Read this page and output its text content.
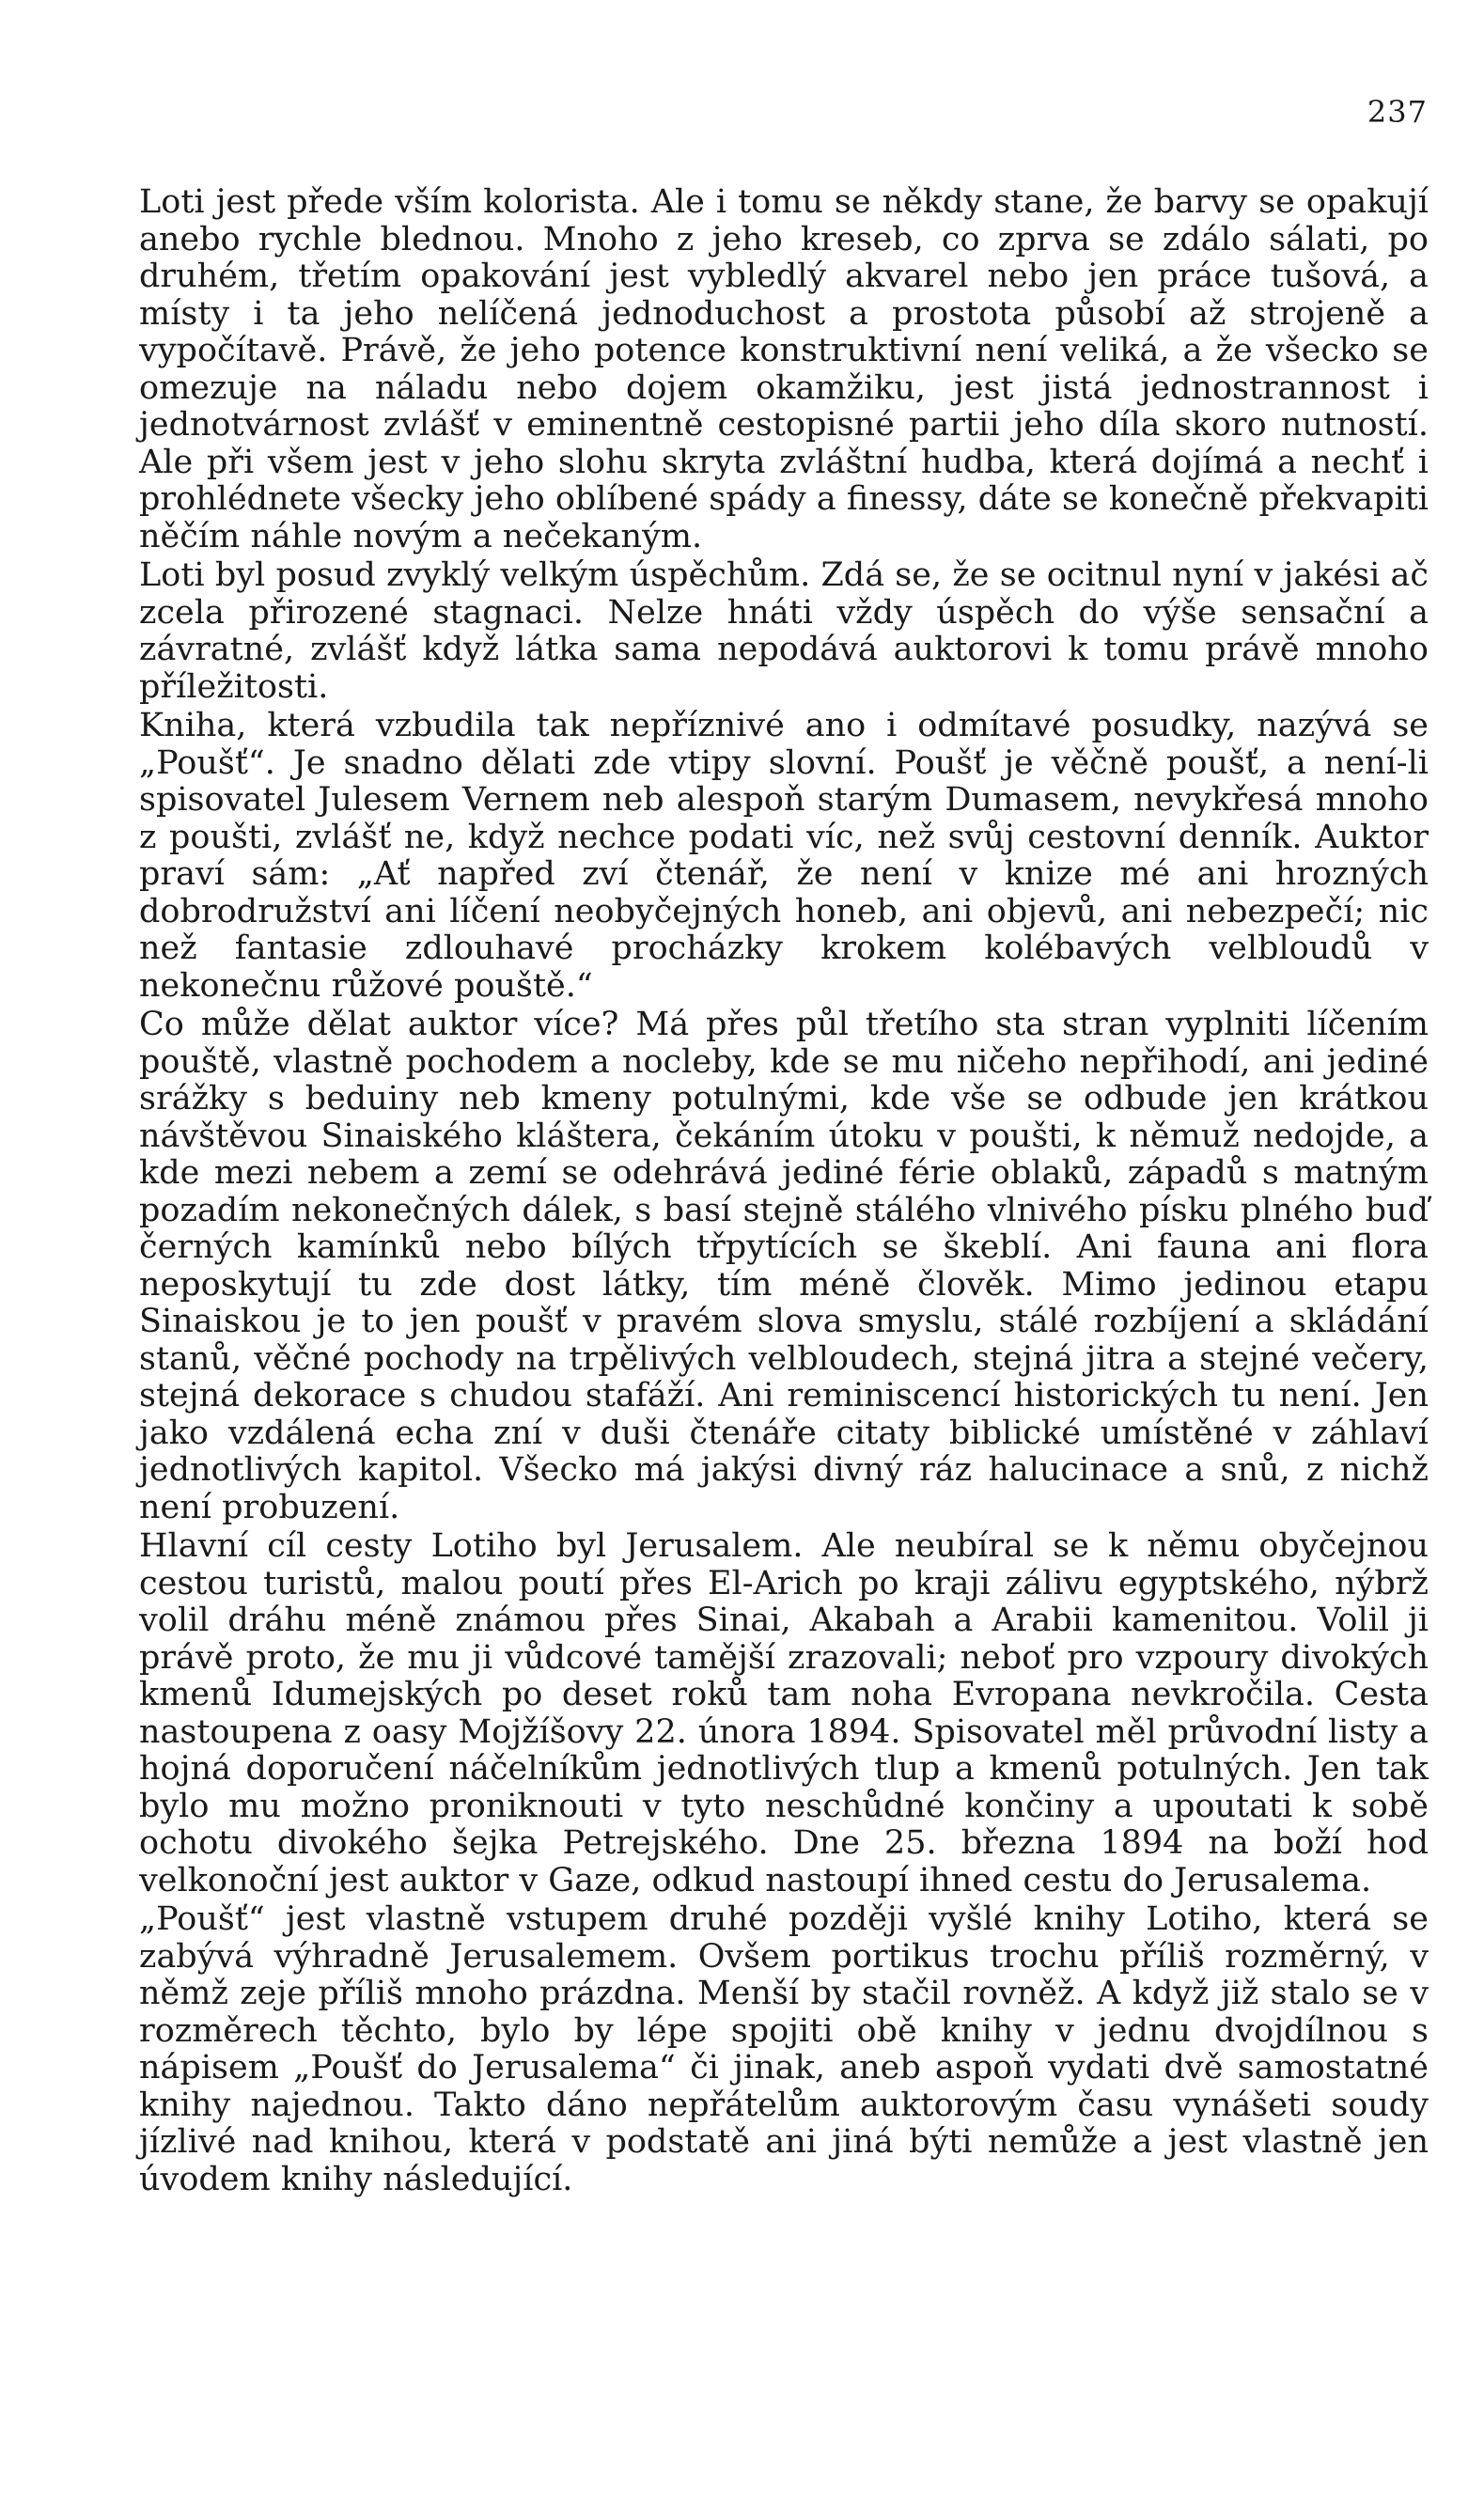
237

Loti jest přede vším kolorista. Ale i tomu se někdy stane, že barvy se opakují anebo rychle blednou. Mnoho z jeho kreseb, co zprva se zdálo sálati, po druhém, třetím opakování jest vybledlý akvarel nebo jen práce tušová, a místy i ta jeho nelíčená jednoduchost a prostota působí až strojeně a vypočítavě. Právě, že jeho potence konstruktivní není veliká, a že všecko se omezuje na náladu nebo dojem okamžiku, jest jistá jednostrannost i jednotvárnost zvlášť v eminentně cestopisné partii jeho díla skoro nutností. Ale při všem jest v jeho slohu skryta zvláštní hudba, která dojímá a nechť i prohlédnete všecky jeho oblíbené spády a finessy, dáte se konečně překvapiti něčím náhle novým a nečekaným.

Loti byl posud zvyklý velkým úspěchům. Zdá se, že se ocitnul nyní v jakési ač zcela přirozené stagnaci. Nelze hnáti vždy úspěch do výše sensační a závratné, zvlášť když látka sama nepodává auktorovi k tomu právě mnoho příležitosti.

Kniha, která vzbudila tak nepříznivé ano i odmítavé posudky, nazývá se „Poušť“. Je snadno dělati zde vtipy slovní. Poušť je věčně poušť, a není-li spisovatel Julesem Vernem neb alespoň starým Dumasem, nevykřesá mnoho z poušti, zvlášť ne, když nechce podati víc, než svůj cestovní denník. Auktor praví sám: „Ať napřed zví čtenář, že není v knize mé ani hrozných dobrodružství ani líčení neobyčejných honeb, ani objevů, ani nebezpečí; nic než fantasie zdlouhavé procházky krokem kolébavých velbloudů v nekonečnu růžové pouště.“

Co může dělat auktor více? Má přes půl třetího sta stran vyplniti líčením pouště, vlastně pochodem a nocleby, kde se mu ničeho nepřihodí, ani jediné srážky s beduiny neb kmeny potulnými, kde vše se odbude jen krátkou návštěvou Sinaiského kláštera, čekáním útoku v poušti, k němuž nedojde, a kde mezi nebem a zemí se odehrává jediné férie oblaků, západů s matným pozadím nekonečných dálek, s basí stejně stálého vlnivého písku plného buď černých kamínků nebo bílých třpytících se škeblí. Ani fauna ani flora neposkytují tu zde dost látky, tím méně člověk. Mimo jedinou etapu Sinaiskou je to jen poušť v pravém slova smyslu, stálé rozbíjení a skládání stanů, věčné pochody na trpělivých velbloudech, stejná jitra a stejné večery, stejná dekorace s chudou stafáží. Ani reminiscencí historických tu není. Jen jako vzdálená echa zní v duši čtenáře citaty biblické umístěné v záhlaví jednotlivých kapitol. Všecko má jakýsi divný ráz halucinace a snů, z nichž není probuzení.

Hlavní cíl cesty Lotiho byl Jerusalem. Ale neubíral se k němu obyčejnou cestou turistů, malou poutí přes El-Arich po kraji zálivu egyptského, nýbrž volil dráhu méně známou přes Sinai, Akabah a Arabii kamenitou. Volil ji právě proto, že mu ji vůdcové tamější zrazovali; neboť pro vzpoury divokých kmenů Idumejských po deset roků tam noha Evropana nevkročila. Cesta nastoupena z oasy Mojžíšovy 22. února 1894. Spisovatel měl průvodní listy a hojná doporučení náčelníkům jednotlivých tlup a kmenů potulných. Jen tak bylo mu možno proniknouti v tyto neschůdné končiny a upoutati k sobě ochotu divokého šejka Petrejského. Dne 25. března 1894 na boží hod velkonoční jest auktor v Gaze, odkud nastoupí ihned cestu do Jerusalema.

„Poušť“ jest vlastně vstupem druhé později vyšlé knihy Lotiho, která se zabývá výhradně Jerusalemem. Ovšem portikus trochu příliš rozměrný, v němž zeje příliš mnoho prázdna. Menší by stačil rovněž. A když již stalo se v rozměrech těchto, bylo by lépe spojiti obě knihy v jednu dvojdílnou s nápisem „Poušť do Jerusalema“ či jinak, aneb aspoň vydati dvě samostatné knihy najednou. Takto dáno nepřátelům auktorovým času vynášeti soudy jízlivé nad knihou, která v podstatě ani jiná býti nemůže a jest vlastně jen úvodem knihy následující.
